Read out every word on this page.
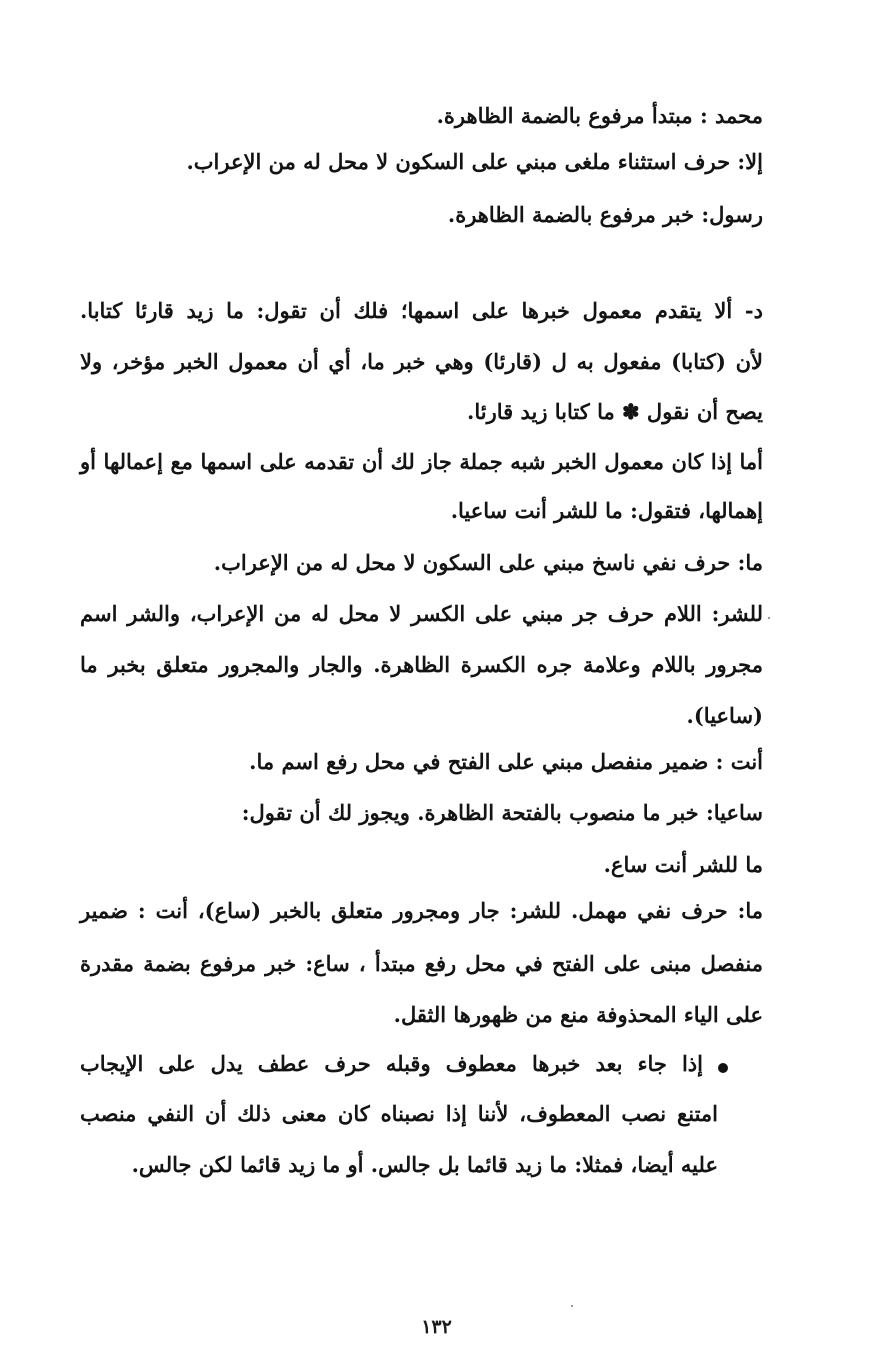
محمد : مبتدأ مرفوع بالضمة الظاهرة.
إلا: حرف استثناء ملغى مبني على السكون لا محل له من الإعراب.
رسول: خبر مرفوع بالضمة الظاهرة.
د- ألا يتقدم معمول خبرها على اسمها؛ فلك أن تقول: ما زيد قارئا كتابا.
لأن (كتابا) مفعول به ل (قارئا) وهي خبر ما، أي أن معمول الخبر مؤخر، ولا
يصح أن نقول ✽ ما كتابا زيد قارئا.
أما إذا كان معمول الخبر شبه جملة جاز لك أن تقدمه على اسمها مع إعمالها أو
إهمالها، فتقول: ما للشر أنت ساعيا.
ما: حرف نفي ناسخ مبني على السكون لا محل له من الإعراب.
للشر: اللام حرف جر مبني على الكسر لا محل له من الإعراب، والشر اسم
مجرور باللام وعلامة جره الكسرة الظاهرة. والجار والمجرور متعلق بخبر ما
(ساعيا).
أنت : ضمير منفصل مبني على الفتح في محل رفع اسم ما.
ساعيا: خبر ما منصوب بالفتحة الظاهرة. ويجوز لك أن تقول:
ما للشر أنت ساع.
ما: حرف نفي مهمل. للشر: جار ومجرور متعلق بالخبر (ساع)، أنت : ضمير
منفصل مبنى على الفتح في محل رفع مبتدأ ، ساع: خبر مرفوع بضمة مقدرة
على الياء المحذوفة منع من ظهورها الثقل.
إذا جاء بعد خبرها معطوف وقبله حرف عطف يدل على الإيجاب
امتنع نصب المعطوف، لأننا إذا نصبناه كان معنى ذلك أن النفي منصب
عليه أيضا، فمثلا: ما زيد قائما بل جالس. أو ما زيد قائما لكن جالس.
١٣٢
